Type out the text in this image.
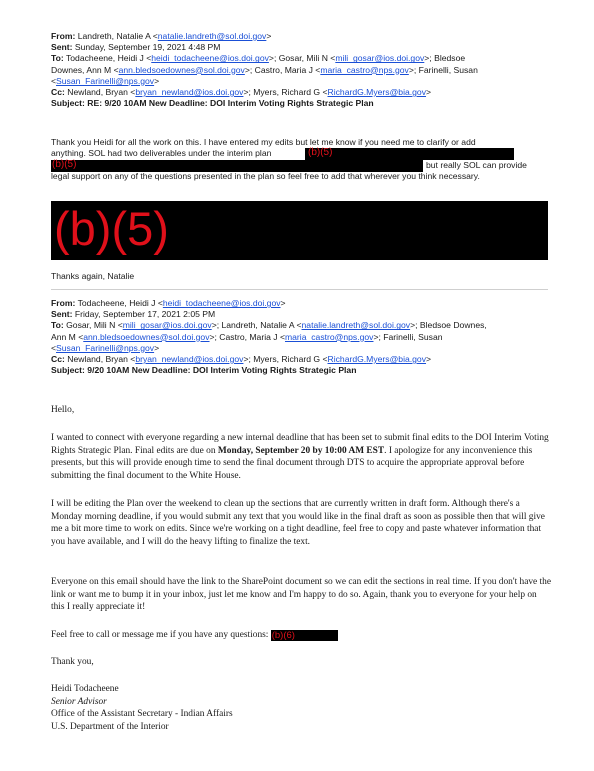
From: Landreth, Natalie A <natalie.landreth@sol.doi.gov>
Sent: Sunday, September 19, 2021 4:48 PM
To: Todacheene, Heidi J <heidi_todacheene@ios.doi.gov>; Gosar, Mili N <mili_gosar@ios.doi.gov>; Bledsoe
Downes, Ann M <ann.bledsoedownes@sol.doi.gov>; Castro, Maria J <maria_castro@nps.gov>; Farinelli, Susan
<Susan_Farinelli@nps.gov>
Cc: Newland, Bryan <bryan_newland@ios.doi.gov>; Myers, Richard G <RichardG.Myers@bia.gov>
Subject: RE: 9/20 10AM New Deadline: DOI Interim Voting Rights Strategic Plan
Thank you Heidi for all the work on this. I have entered my edits but let me know if you need me to clarify or add
anything. SOL had two deliverables under the interim plan	(b)(5)
(b)(5)	but really SOL can provide
legal support on any of the questions presented in the plan so feel free to add that wherever you think necessary.
(b)(5)
Thanks again, Natalie
From: Todacheene, Heidi J <heidi_todacheene@ios.doi.gov>
Sent: Friday, September 17, 2021 2:05 PM
To: Gosar, Mili N <mili_gosar@ios.doi.gov>; Landreth, Natalie A <natalie.landreth@sol.doi.gov>; Bledsoe Downes,
Ann M <ann.bledsoedownes@sol.doi.gov>; Castro, Maria J <maria_castro@nps.gov>; Farinelli, Susan
<Susan_Farinelli@nps.gov>
Cc: Newland, Bryan <bryan_newland@ios.doi.gov>; Myers, Richard G <RichardG.Myers@bia.gov>
Subject: 9/20 10AM New Deadline: DOI Interim Voting Rights Strategic Plan
Hello,
I wanted to connect with everyone regarding a new internal deadline that has been set to submit final edits to the DOI Interim Voting Rights Strategic Plan. Final edits are due on Monday, September 20 by 10:00 AM EST. I apologize for any inconvenience this presents, but this will provide enough time to send the final document through DTS to acquire the appropriate approval before submitting the final document to the White House.
I will be editing the Plan over the weekend to clean up the sections that are currently written in draft form. Although there's a Monday morning deadline, if you would submit any text that you would like in the final draft as soon as possible then that will give me a bit more time to work on edits. Since we're working on a tight deadline, feel free to copy and paste whatever information that you have available, and I will do the heavy lifting to finalize the text.
Everyone on this email should have the link to the SharePoint document so we can edit the sections in real time. If you don't have the link or want me to bump it in your inbox, just let me know and I'm happy to do so. Again, thank you to everyone for your help on this I really appreciate it!
Feel free to call or message me if you have any questions: (b)(6)
Thank you,
Heidi Todacheene
Senior Advisor
Office of the Assistant Secretary - Indian Affairs
U.S. Department of the Interior
